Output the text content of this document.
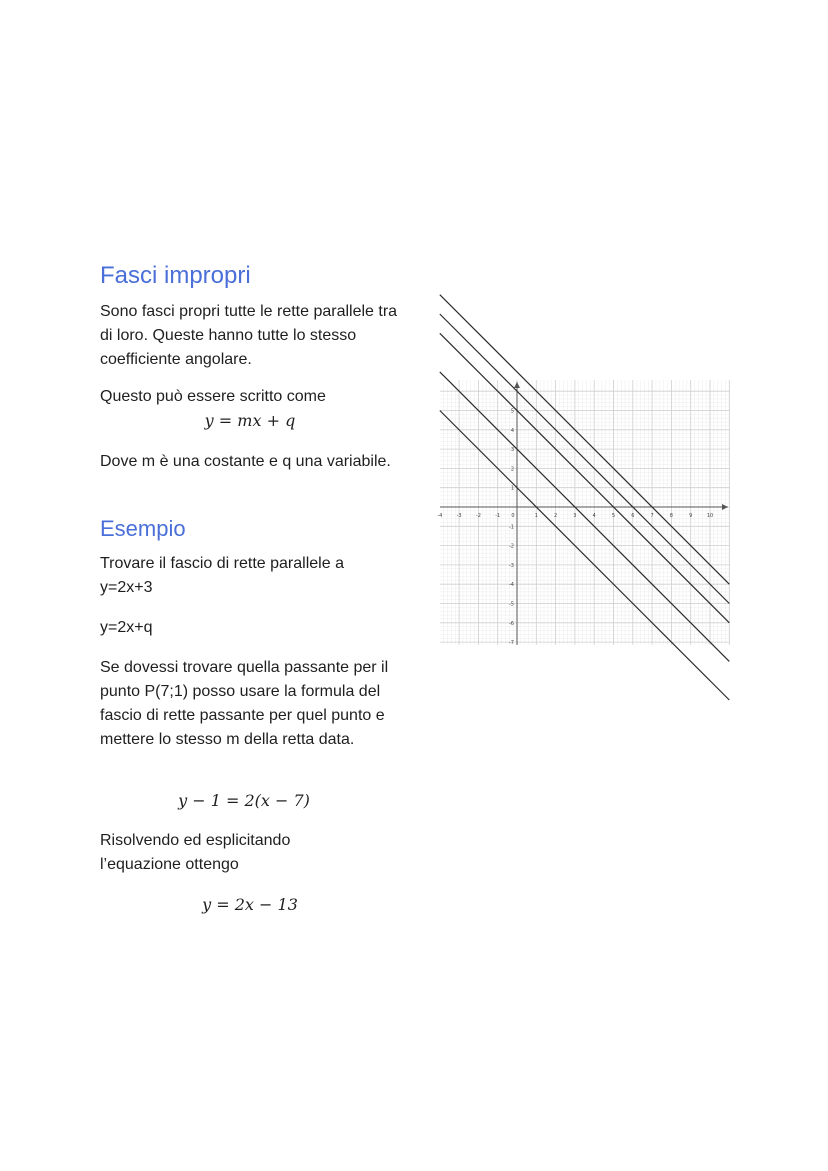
Fasci impropri

Sono fasci propri tutte le rette parallele tra di loro. Queste hanno tutte lo stesso coefficiente angolare.

Questo può essere scritto come

y = mx + q

Dove m è una costante e q una variabile.

Esempio

Trovare il fascio di rette parallele a y=2x+3

y=2x+q

Se dovessi trovare quella passante per il punto P(7;1) posso usare la formula del fascio di rette passante per quel punto e mettere lo stesso m della retta data.

y − 1 = 2(x − 7)

Risolvendo ed esplicitando l’equazione ottengo

y = 2x − 13
-4	-3	-2	-1 0	1	2	3	4	5	6	7	8	9	10
5
4
3
2
1
-1
-2
-3
-4
-5
-6
-7
